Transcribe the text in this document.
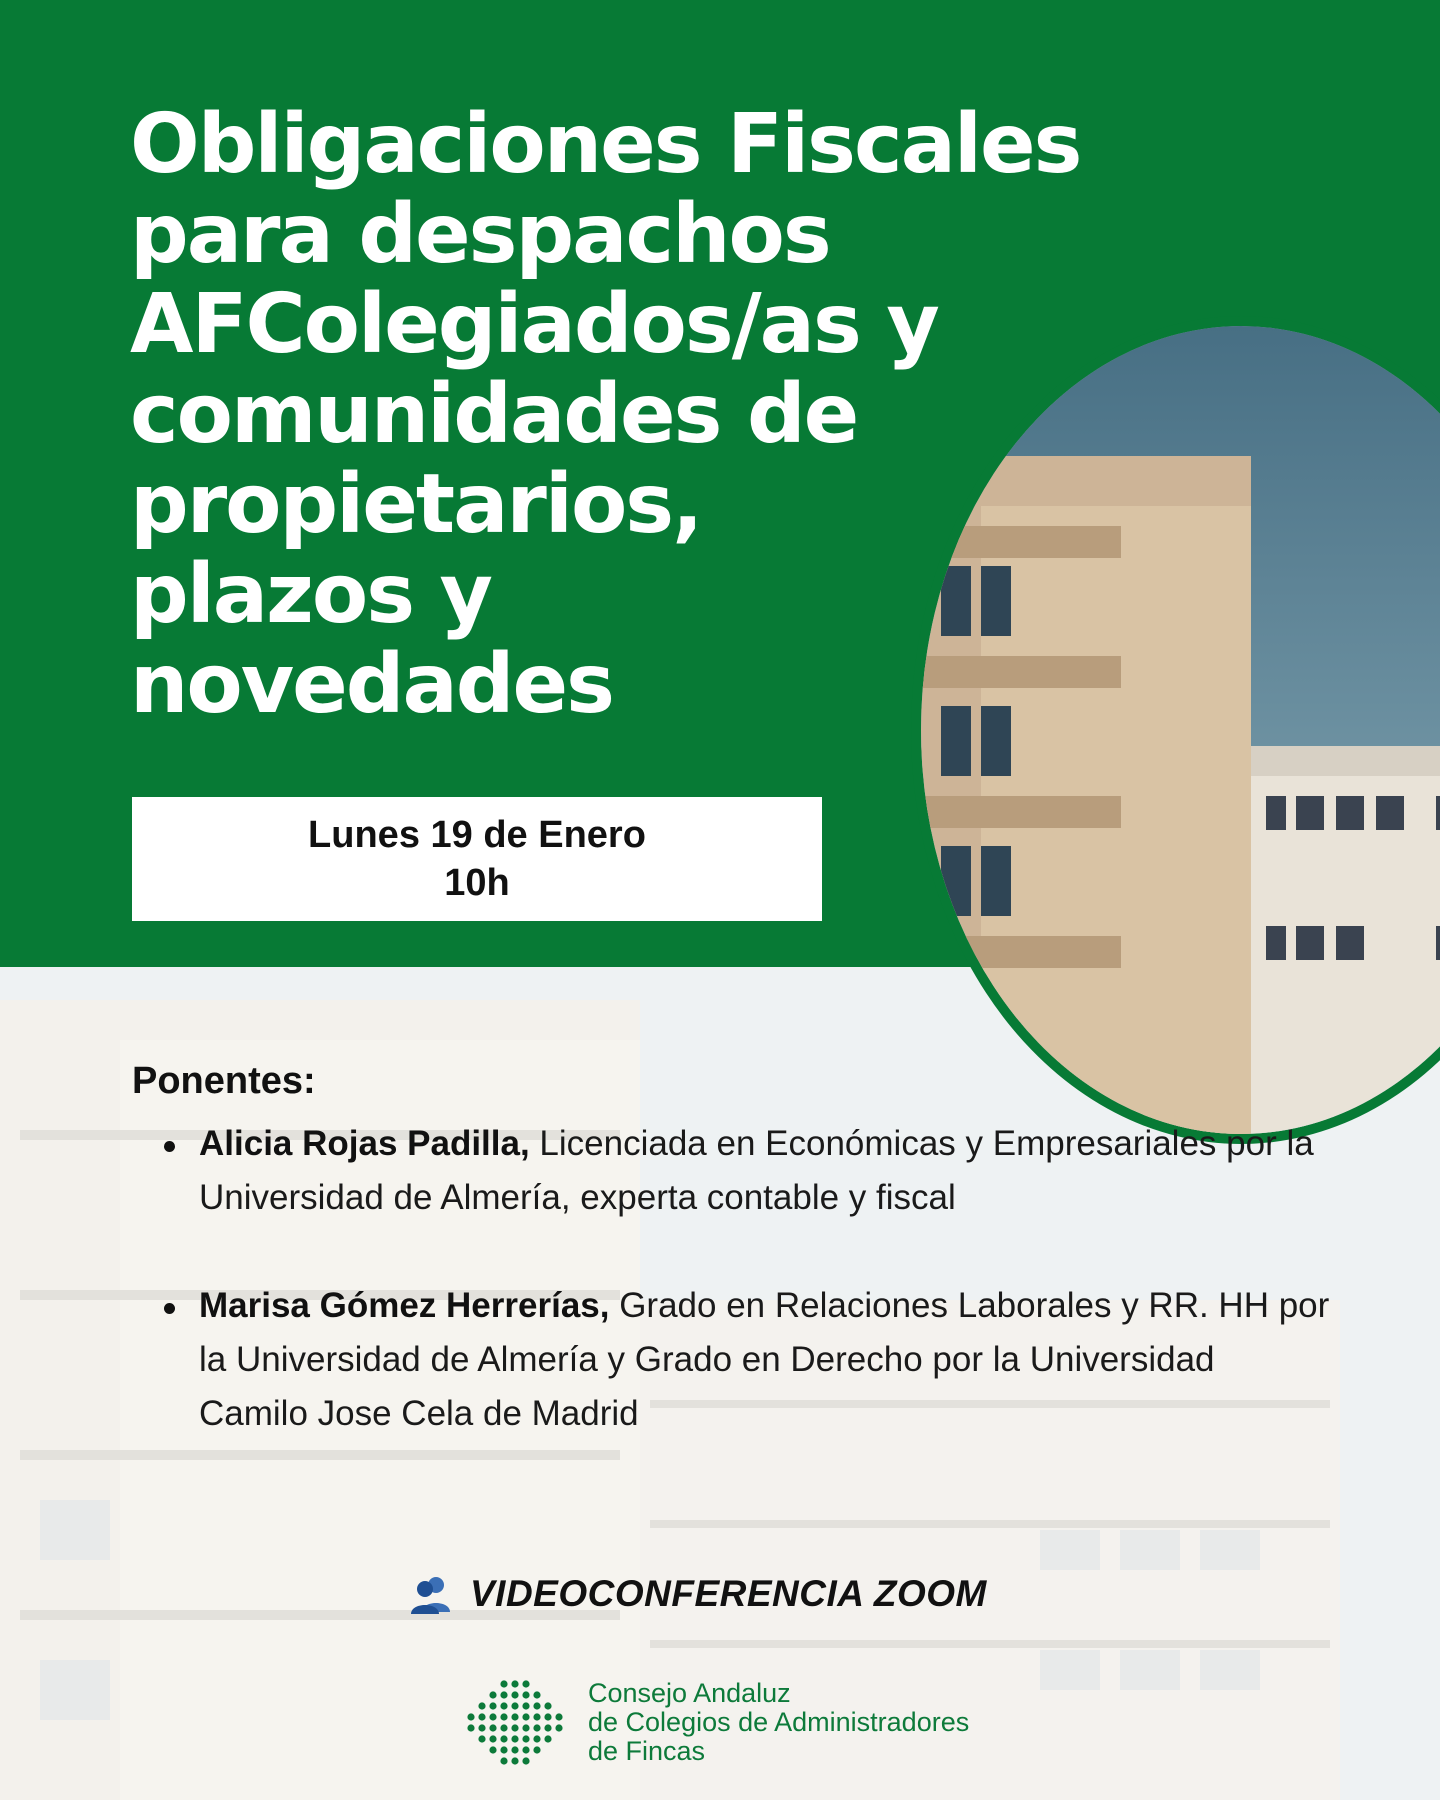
Obligaciones Fiscales
para despachos
AFColegiados/as y
comunidades de
propietarios,
plazos y
novedades
Lunes 19 de Enero
10h
Ponentes:
Alicia Rojas Padilla, Licenciada en Económicas y Empresariales por la Universidad de Almería, experta contable y fiscal
Marisa Gómez Herrerías, Grado en Relaciones Laborales y RR. HH por la Universidad de Almería y Grado en Derecho por la Universidad Camilo Jose Cela de Madrid
VIDEOCONFERENCIA ZOOM
Consejo Andaluz
de Colegios de Administradores
de Fincas
